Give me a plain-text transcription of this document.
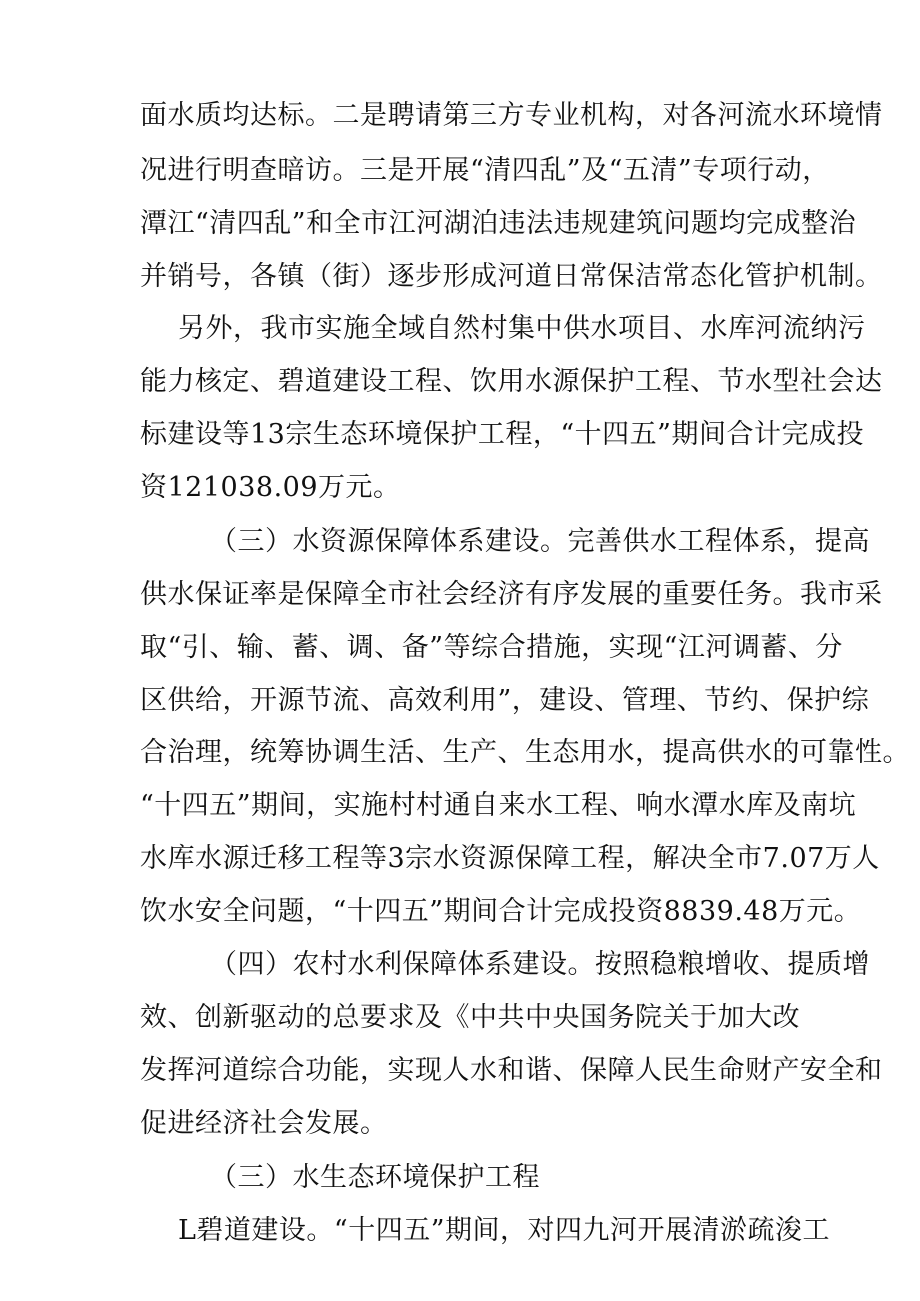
面水质均达标。二是聘请第三方专业机构，对各河流水环境情
况进行明查暗访。三是开展“清四乱”及“五清”专项行动，
潭江“清四乱”和全市江河湖泊违法违规建筑问题均完成整治
并销号，各镇（街）逐步形成河道日常保洁常态化管护机制。
另外，我市实施全域自然村集中供水项目、水库河流纳污
能力核定、碧道建设工程、饮用水源保护工程、节水型社会达
标建设等13宗生态环境保护工程，“十四五”期间合计完成投
资121038.09万元。
（三）水资源保障体系建设。完善供水工程体系，提高
供水保证率是保障全市社会经济有序发展的重要任务。我市采
取“引、输、蓄、调、备”等综合措施，实现“江河调蓄、分
区供给，开源节流、高效利用”，建设、管理、节约、保护综
合治理，统筹协调生活、生产、生态用水，提高供水的可靠性。
“十四五”期间，实施村村通自来水工程、响水潭水库及南坑
水库水源迁移工程等3宗水资源保障工程，解决全市7.07万人
饮水安全问题，“十四五”期间合计完成投资8839.48万元。
（四）农村水利保障体系建设。按照稳粮增收、提质增
效、创新驱动的总要求及《中共中央国务院关于加大改
发挥河道综合功能，实现人水和谐、保障人民生命财产安全和
促进经济社会发展。
（三）水生态环境保护工程
L碧道建设。“十四五”期间，对四九河开展清淤疏浚工
